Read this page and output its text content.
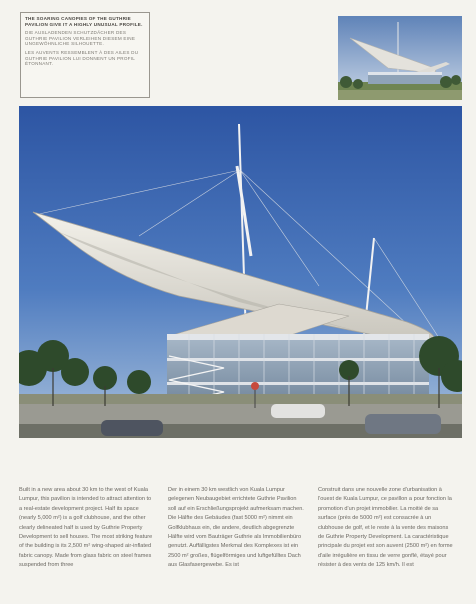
THE SOARING CANOPIES OF THE GUTHRIE PAVILION GIVE IT A HIGHLY UNUSUAL PROFILE.

DIE AUSLADENDEN SCHUTZDÄCHER DES GUTHRIE PAVILION VERLEIHEN DIESEM EINE UNGEWÖHNLICHE SILHOUETTE.

LES AUVENTS RESSEMBLENT À DES AILES DU GUTHRIE PAVILION LUI DONNENT UN PROFIL ÉTONNANT.

Built in a new area about 30 km to the west of Kuala Lumpur, this pavilion is intended to attract attention to a real-estate development project. Half its space (nearly 5,000 m²) is a golf clubhouse, and the other clearly delineated half is used by Guthrie Property Development to sell houses. The most striking feature of the building is its 2,500 m² wing-shaped air-inflated fabric canopy. Made from glass fabric on steel frames suspended from three

Der in einem 30 km westlich von Kuala Lumpur gelegenen Neubaugebiet errichtete Guthrie Pavilion soll auf ein Erschließungsprojekt aufmerksam machen. Die Hälfte des Gebäudes (fast 5000 m²) nimmt ein Golfklubhaus ein, die andere, deutlich abgegrenzte Hälfte wird vom Bauträger Guthrie als Immobilienbüro genutzt. Auffälligstes Merkmal des Komplexes ist ein 2500 m² großes, flügelförmiges und luftgefülltes Dach aus Glasfasergewebe. Es ist

Construit dans une nouvelle zone d'urbanisation à l'ouest de Kuala Lumpur, ce pavillon a pour fonction la promotion d'un projet immobilier. La moitié de sa surface (près de 5000 m²) est consacrée à un clubhouse de golf, et le reste à la vente des maisons de Guthrie Property Development. La caractéristique principale du projet est son auvent (2500 m²) en forme d'aile irrégulière en tissu de verre gonflé, étayé pour résister à des vents de 125 km/h. Il est
